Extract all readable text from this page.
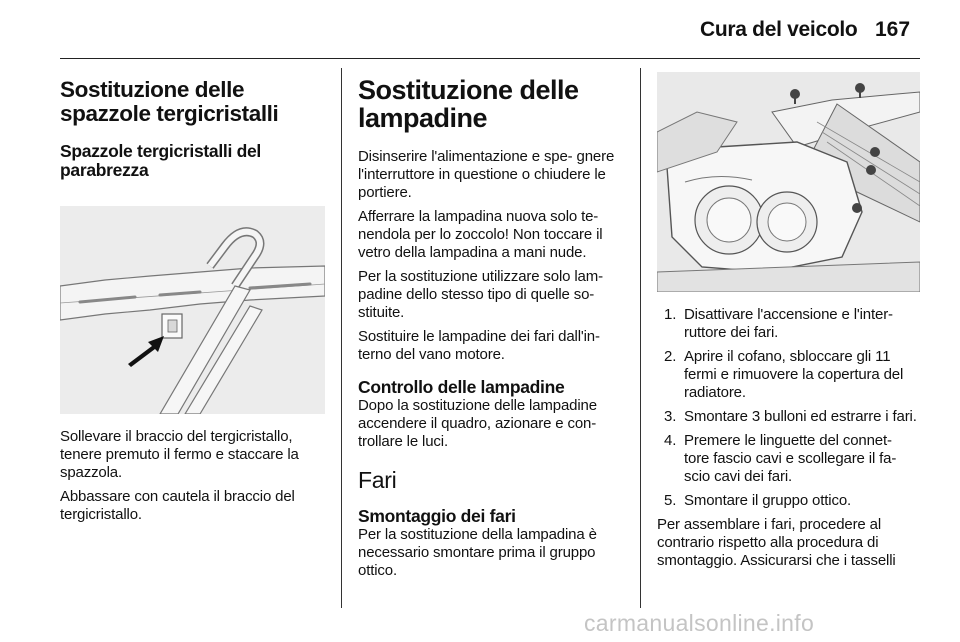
Cura del veicolo 167
Sostituzione delle spazzole tergicristalli
Spazzole tergicristalli del parabrezza

Sollevare il braccio del tergicristallo, tenere premuto il fermo e staccare la spazzola.

Abbassare con cautela il braccio del tergicristallo.

Sostituzione delle lampadine

Disinserire l'alimentazione e spe- gnere l'interruttore in questione o chiudere le portiere.

Afferrare la lampadina nuova solo te- nendola per lo zoccolo! Non toccare il vetro della lampadina a mani nude.

Per la sostituzione utilizzare solo lam- padine dello stesso tipo di quelle so- stituite.

Sostituire le lampadine dei fari dall'in- terno del vano motore.

Controllo delle lampadine

Dopo la sostituzione delle lampadine accendere il quadro, azionare e con- trollare le luci.

Fari
Smontaggio dei fari

Per la sostituzione della lampadina è necessario smontare prima il gruppo ottico.

1. Disattivare l'accensione e l'inter- ruttore dei fari.
2. Aprire il cofano, sbloccare gli 11 fermi e rimuovere la copertura del radiatore.
3. Smontare 3 bulloni ed estrarre i fari.
4. Premere le linguette del connet- tore fascio cavi e scollegare il fa- scio cavi dei fari.
5. Smontare il gruppo ottico.

Per assemblare i fari, procedere al contrario rispetto alla procedura di smontaggio. Assicurarsi che i tasselli

carmanualsonline.info
